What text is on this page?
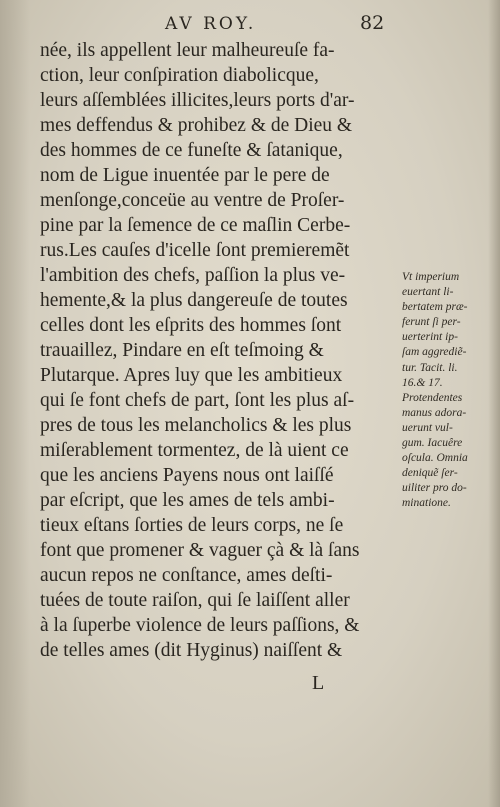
AV ROY.	82
née, ils appellent leur malheureuſe fa-
ction, leur conſpiration diabolicque,
leurs aſſemblées illicites,leurs ports d'ar-
mes deffendus & prohibez & de Dieu &
des hommes de ce funeſte & ſatanique,
nom de Ligue inuentée par le pere de
menſonge,conceüe au ventre de Proſer-
pine par la ſemence de ce maſlin Cerbe-
rus.Les cauſes d'icelle ſont premieremẽt
l'ambition des chefs, paſſion la plus ve-
hemente,& la plus dangereuſe de toutes
celles dont les eſprits des hommes ſont
trauaillez, Pindare en eſt teſmoing &
Plutarque. Apres luy que les ambitieux
qui ſe font chefs de part, ſont les plus aſ-
pres de tous les melancholics & les plus
miſerablement tormentez, de là uient ce
que les anciens Payens nous ont laiſſé
par eſcript, que les ames de tels ambi-
tieux eſtans ſorties de leurs corps, ne ſe
font que promener & vaguer çà & là ſans
aucun repos ne conſtance, ames deſti-
tuées de toute raiſon, qui ſe laiſſent aller
à la ſuperbe violence de leurs paſſions, &
de telles ames (dit Hyginus) naiſſent &
L
Vt imperium
euertant li-
bertatem præ-
ferunt ſi per-
uerterint ip-
ſam aggrediẽ-
tur. Tacit. li.
16.& 17.
Protendentes
manus adora-
uerunt vul-
gum. Iacuêre
oſcula. Omnia
deniquẽ ſer-
uiliter pro do-
minatione.
